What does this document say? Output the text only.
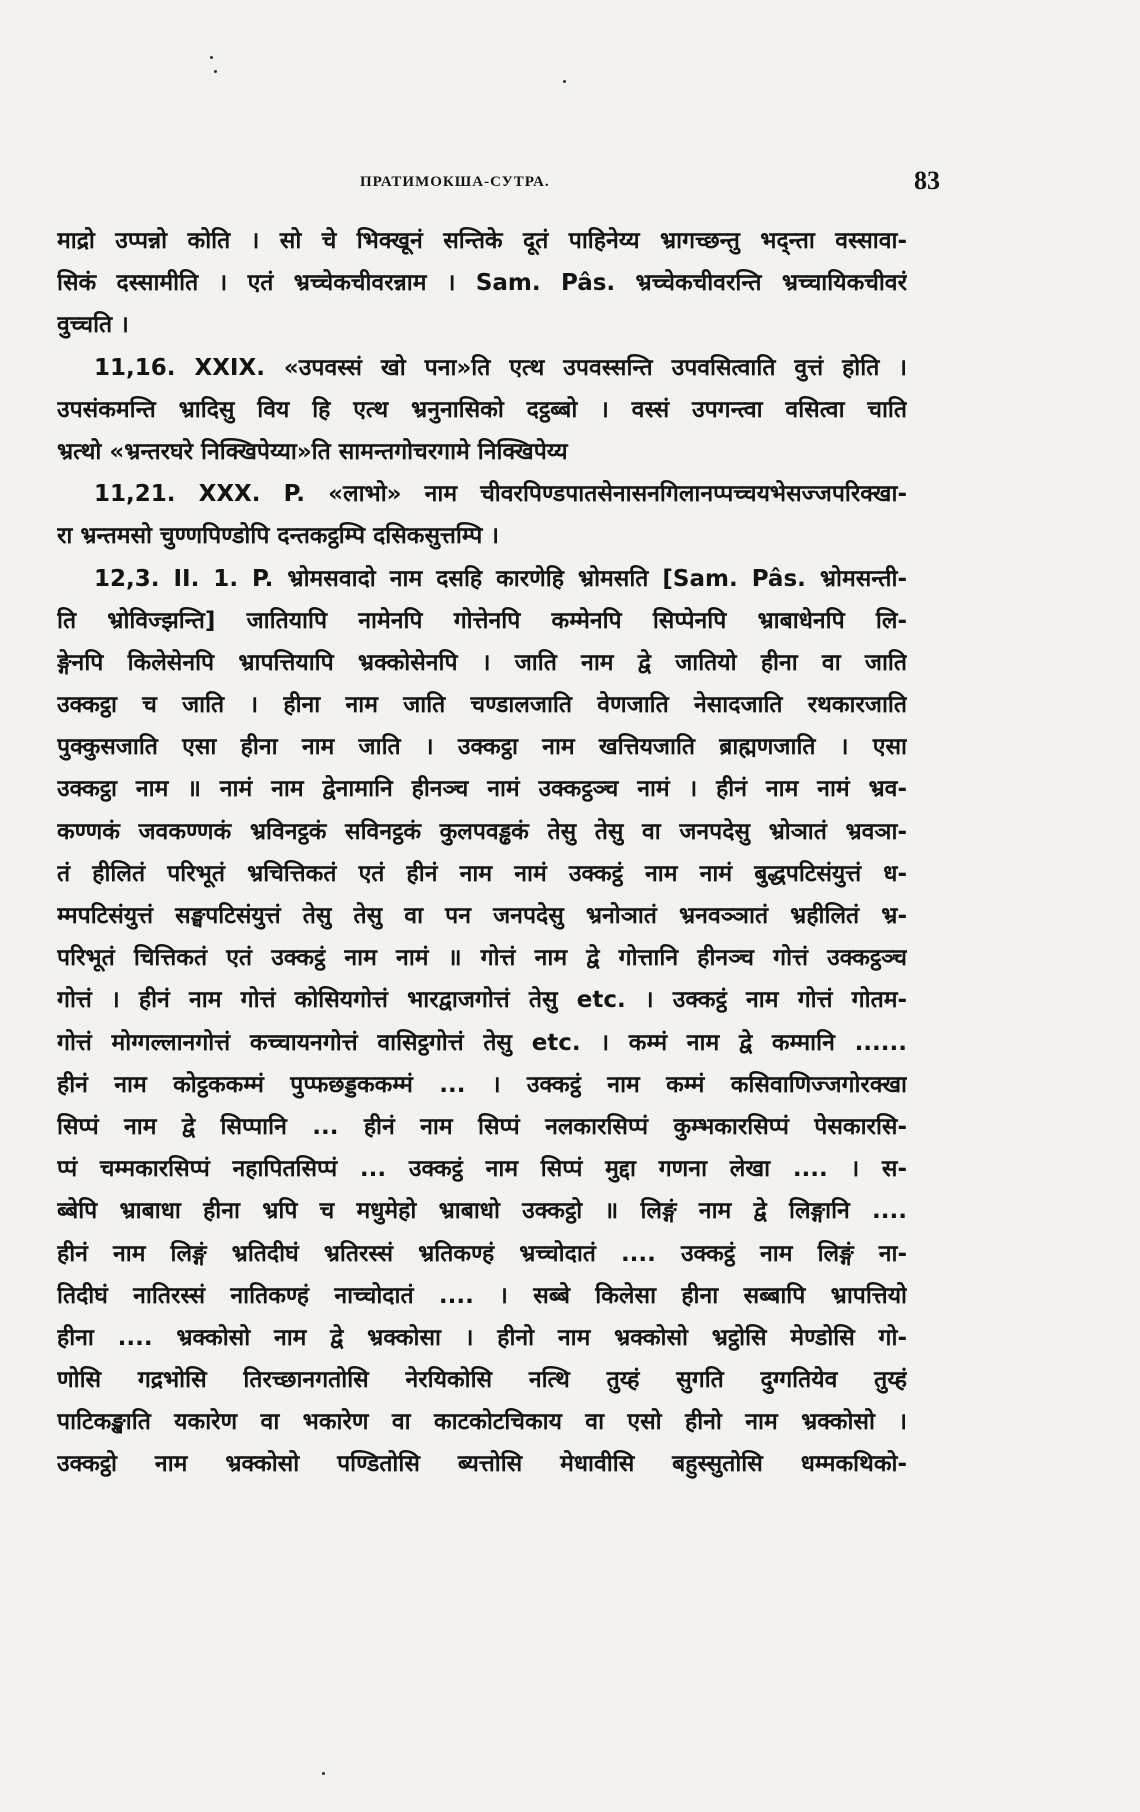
ПРАТИМОКША-СУТРА.	83
माद्रो उप्पन्नो कोति । सो चे भिक्खूनं सन्तिके दूतं पाहिनेय्य भ्रागच्छन्तु भद्न्ता वस्सावा-
सिकं दस्सामीति । एतं भ्रच्चेकचीवरन्नाम । Sam. Pâs. भ्रच्चेकचीवरन्ति भ्रच्चायिकचीवरं
वुच्चति ।
11,16. XXIX. «उपवस्सं खो पना»ति एत्थ उपवस्सन्ति उपवसित्वाति वुत्तं होति ।
उपसंकमन्ति भ्रादिसु विय हि एत्थ भ्रनुनासिको दट्ठब्बो । वस्सं उपगन्त्वा वसित्वा चाति
भ्रत्थो «भ्रन्तरघरे निक्खिपेय्या»ति सामन्तगोचरगामे निक्खिपेय्य
11,21. XXX. P. «लाभो» नाम चीवरपिण्डपातसेनासनगिलानप्पच्चयभेसज्जपरिक्खा-
रा भ्रन्तमसो चुण्णपिण्डोपि दन्तकट्ठम्पि दसिकसुत्तम्पि ।
12,3. II. 1. P. भ्रोमसवादो नाम दसहि कारणेहि भ्रोमसति [Sam. Pâs. भ्रोमसन्ती-
ति भ्रोविज्झन्ति] जातियापि नामेनपि गोत्तेनपि कम्मेनपि सिप्पेनपि भ्राबाधेनपि लि-
ङ्गेनपि किलेसेनपि भ्रापत्तियापि भ्रक्कोसेनपि । जाति नाम द्वे जातियो हीना वा जाति
उक्कट्ठा च जाति । हीना नाम जाति चण्डालजाति वेणजाति नेसादजाति रथकारजाति
पुक्कुसजाति एसा हीना नाम जाति । उक्कट्ठा नाम खत्तियजाति ब्राह्मणजाति । एसा
उक्कट्ठा नाम ॥ नामं नाम द्वेनामानि हीनञ्च नामं उक्कट्ठञ्च नामं । हीनं नाम नामं भ्रव-
कण्णकं जवकण्णकं भ्रविनट्ठकं सविनट्ठकं कुलपवड्ढकं तेसु तेसु वा जनपदेसु भ्रोञातं भ्रवञा-
तं हीलितं परिभूतं भ्रचित्तिकतं एतं हीनं नाम नामं उक्कट्ठं नाम नामं बुद्धपटिसंयुत्तं ध-
म्मपटिसंयुत्तं सङ्घपटिसंयुत्तं तेसु तेसु वा पन जनपदेसु भ्रनोञातं भ्रनवञ्ञातं भ्रहीलितं भ्र-
परिभूतं चित्तिकतं एतं उक्कट्ठं नाम नामं ॥ गोत्तं नाम द्वे गोत्तानि हीनञ्च गोत्तं उक्कट्ठञ्च
गोत्तं । हीनं नाम गोत्तं कोसियगोत्तं भारद्वाजगोत्तं तेसु etc. । उक्कट्ठं नाम गोत्तं गोतम-
गोत्तं मोग्गल्लानगोत्तं कच्चायनगोत्तं वासिट्ठगोत्तं तेसु etc. । कम्मं नाम द्वे कम्मानि ......
हीनं नाम कोट्ठककम्मं पुप्फछड्डककम्मं ... । उक्कट्ठं नाम कम्मं कसिवाणिज्जगोरक्खा
सिप्पं नाम द्वे सिप्पानि ... हीनं नाम सिप्पं नलकारसिप्पं कुम्भकारसिप्पं पेसकारसि-
प्पं चम्मकारसिप्पं नहापितसिप्पं ... उक्कट्ठं नाम सिप्पं मुद्दा गणना लेखा .... । स-
ब्बेपि भ्राबाधा हीना भ्रपि च मधुमेहो भ्राबाधो उक्कट्ठो ॥ लिङ्गं नाम द्वे लिङ्गानि ....
हीनं नाम लिङ्गं भ्रतिदीघं भ्रतिरस्सं भ्रतिकण्हं भ्रच्चोदातं .... उक्कट्ठं नाम लिङ्गं ना-
तिदीघं नातिरस्सं नातिकण्हं नाच्चोदातं .... । सब्बे किलेसा हीना सब्बापि भ्रापत्तियो
हीना .... भ्रक्कोसो नाम द्वे भ्रक्कोसा । हीनो नाम भ्रक्कोसो भ्रट्ठोसि मेण्डोसि गो-
णोसि गद्रभोसि तिरच्छानगतोसि नेरयिकोसि नत्थि तुय्हं सुगति दुग्गतियेव तुय्हं
पाटिकङ्खाति यकारेण वा भकारेण वा काटकोटचिकाय वा एसो हीनो नाम भ्रक्कोसो ।
उक्कट्ठो नाम भ्रक्कोसो पण्डितोसि ब्यत्तोसि मेधावीसि बहुस्सुतोसि धम्मकथिको-
